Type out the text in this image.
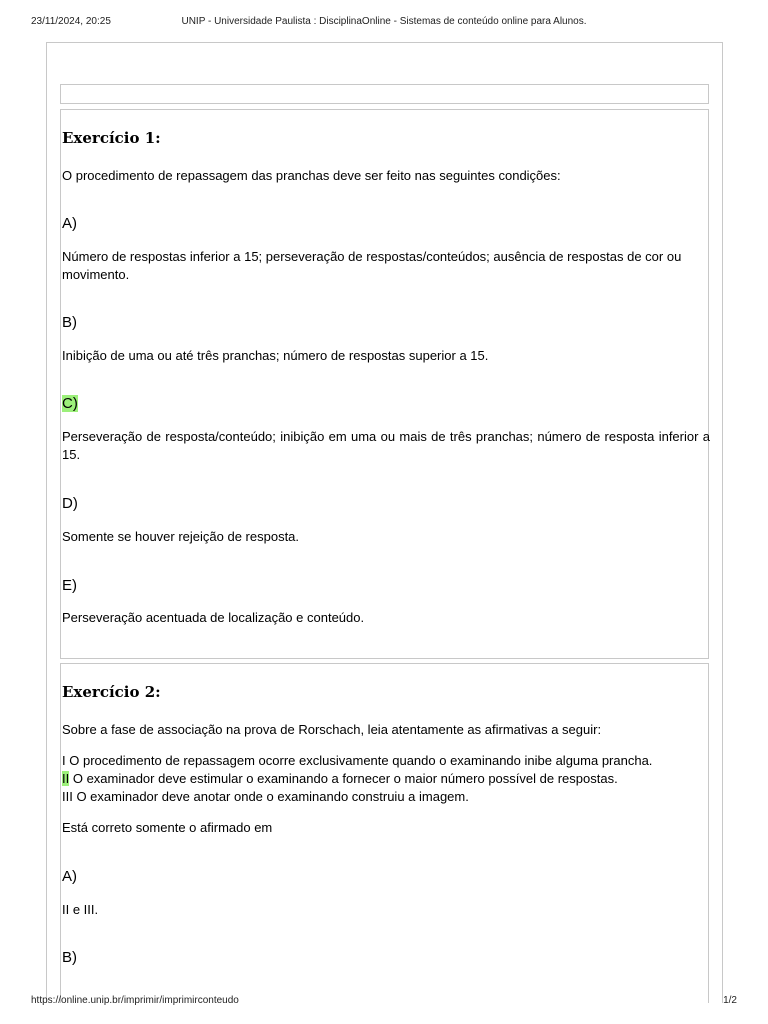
23/11/2024, 20:25	UNIP - Universidade Paulista : DisciplinaOnline - Sistemas de conteúdo online para Alunos.
Exercício 1:
O procedimento de repassagem das pranchas deve ser feito nas seguintes condições:
A)
Número de respostas inferior a 15; perseveração de respostas/conteúdos; ausência de respostas de cor ou movimento.
B)
Inibição de uma ou até três pranchas; número de respostas superior a 15.
C)
Perseveração de resposta/conteúdo; inibição em uma ou mais de três pranchas; número de resposta inferior a 15.
D)
Somente se houver rejeição de resposta.
E)
Perseveração acentuada de localização e conteúdo.
Exercício 2:
Sobre a fase de associação na prova de Rorschach, leia atentamente as afirmativas a seguir:
I O procedimento de repassagem ocorre exclusivamente quando o examinando inibe alguma prancha.
II O examinador deve estimular o examinando a fornecer o maior número possível de respostas.
III O examinador deve anotar onde o examinando construiu a imagem.
Está correto somente o afirmado em
A)
II e III.
B)
https://online.unip.br/imprimir/imprimirconteudo	1/2
